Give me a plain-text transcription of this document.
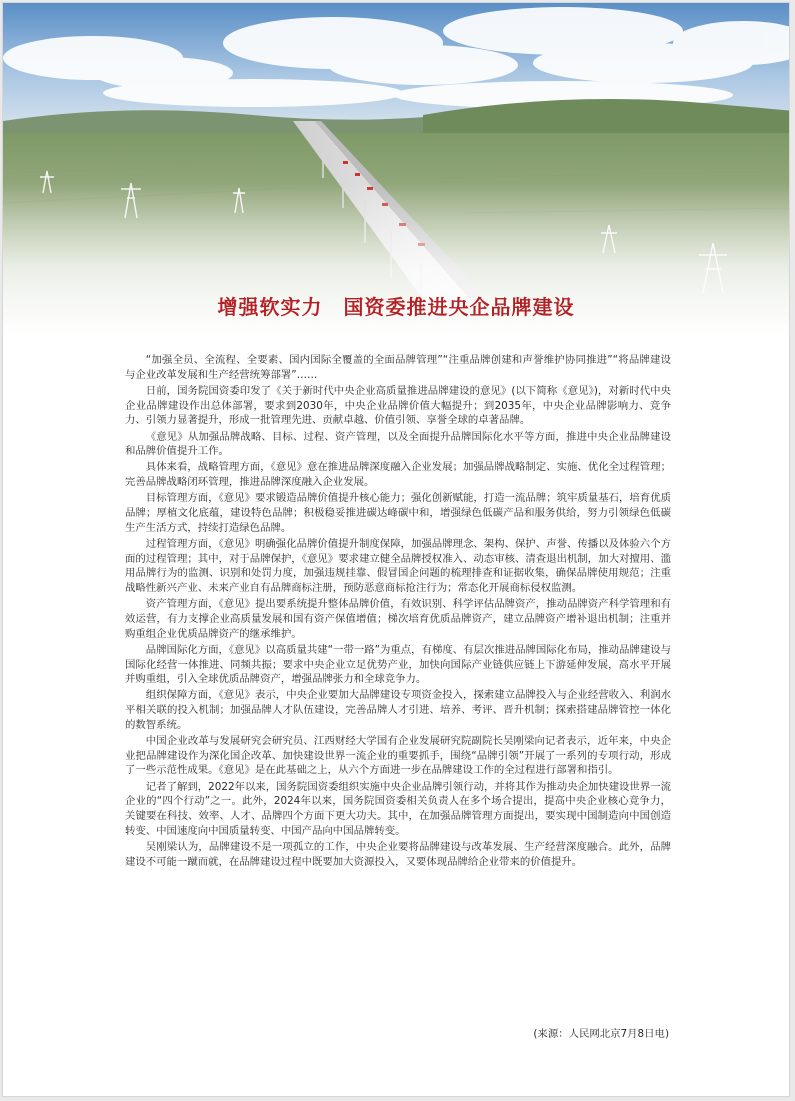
增强软实力　国资委推进央企品牌建设

“加强全员、全流程、全要素、国内国际全覆盖的全面品牌管理”“注重品牌创建和声誉维护协同推进”“将品牌建设与企业改革发展和生产经营统筹部署”……

日前，国务院国资委印发了《关于新时代中央企业高质量推进品牌建设的意见》(以下简称《意见》)，对新时代中央企业品牌建设作出总体部署，要求到2030年，中央企业品牌价值大幅提升；到2035年，中央企业品牌影响力、竞争力、引领力显著提升，形成一批管理先进、贡献卓越、价值引领、享誉全球的卓著品牌。

《意见》从加强品牌战略、目标、过程、资产管理，以及全面提升品牌国际化水平等方面，推进中央企业品牌建设和品牌价值提升工作。

具体来看，战略管理方面，《意见》意在推进品牌深度融入企业发展；加强品牌战略制定、实施、优化全过程管理；完善品牌战略闭环管理，推进品牌深度融入企业发展。

目标管理方面，《意见》要求锻造品牌价值提升核心能力；强化创新赋能，打造一流品牌；筑牢质量基石，培育优质品牌；厚植文化底蕴，建设特色品牌；积极稳妥推进碳达峰碳中和，增强绿色低碳产品和服务供给，努力引领绿色低碳生产生活方式，持续打造绿色品牌。

过程管理方面，《意见》明确强化品牌价值提升制度保障，加强品牌理念、架构、保护、声誉、传播以及体验六个方面的过程管理；其中，对于品牌保护，《意见》要求建立健全品牌授权准入、动态审核、清查退出机制，加大对擅用、滥用品牌行为的监测、识别和处罚力度，加强违规挂靠、假冒国企问题的梳理排查和证据收集，确保品牌使用规范；注重战略性新兴产业、未来产业自有品牌商标注册，预防恶意商标抢注行为；常态化开展商标侵权监测。

资产管理方面，《意见》提出要系统提升整体品牌价值，有效识别、科学评估品牌资产，推动品牌资产科学管理和有效运营，有力支撑企业高质量发展和国有资产保值增值；梯次培育优质品牌资产，建立品牌资产增补退出机制；注重并购重组企业优质品牌资产的继承维护。

品牌国际化方面，《意见》以高质量共建“一带一路”为重点，有梯度、有层次推进品牌国际化布局，推动品牌建设与国际化经营一体推进、同频共振；要求中央企业立足优势产业，加快向国际产业链供应链上下游延伸发展，高水平开展并购重组，引入全球优质品牌资产，增强品牌张力和全球竞争力。

组织保障方面，《意见》表示，中央企业要加大品牌建设专项资金投入，探索建立品牌投入与企业经营收入、利润水平相关联的投入机制；加强品牌人才队伍建设，完善品牌人才引进、培养、考评、晋升机制；探索搭建品牌管控一体化的数智系统。

中国企业改革与发展研究会研究员、江西财经大学国有企业发展研究院副院长吴刚梁向记者表示，近年来，中央企业把品牌建设作为深化国企改革、加快建设世界一流企业的重要抓手，围绕“品牌引领”开展了一系列的专项行动，形成了一些示范性成果。《意见》是在此基础之上，从六个方面进一步在品牌建设工作的全过程进行部署和指引。

记者了解到，2022年以来，国务院国资委组织实施中央企业品牌引领行动，并将其作为推动央企加快建设世界一流企业的“四个行动”之一。此外，2024年以来，国务院国资委相关负责人在多个场合提出，提高中央企业核心竞争力，关键要在科技、效率、人才、品牌四个方面下更大功夫。其中，在加强品牌管理方面提出，要实现中国制造向中国创造转变、中国速度向中国质量转变、中国产品向中国品牌转变。

吴刚梁认为，品牌建设不是一项孤立的工作，中央企业要将品牌建设与改革发展、生产经营深度融合。此外，品牌建设不可能一蹴而就，在品牌建设过程中既要加大资源投入，又要体现品牌给企业带来的价值提升。

(来源：人民网北京7月8日电)
